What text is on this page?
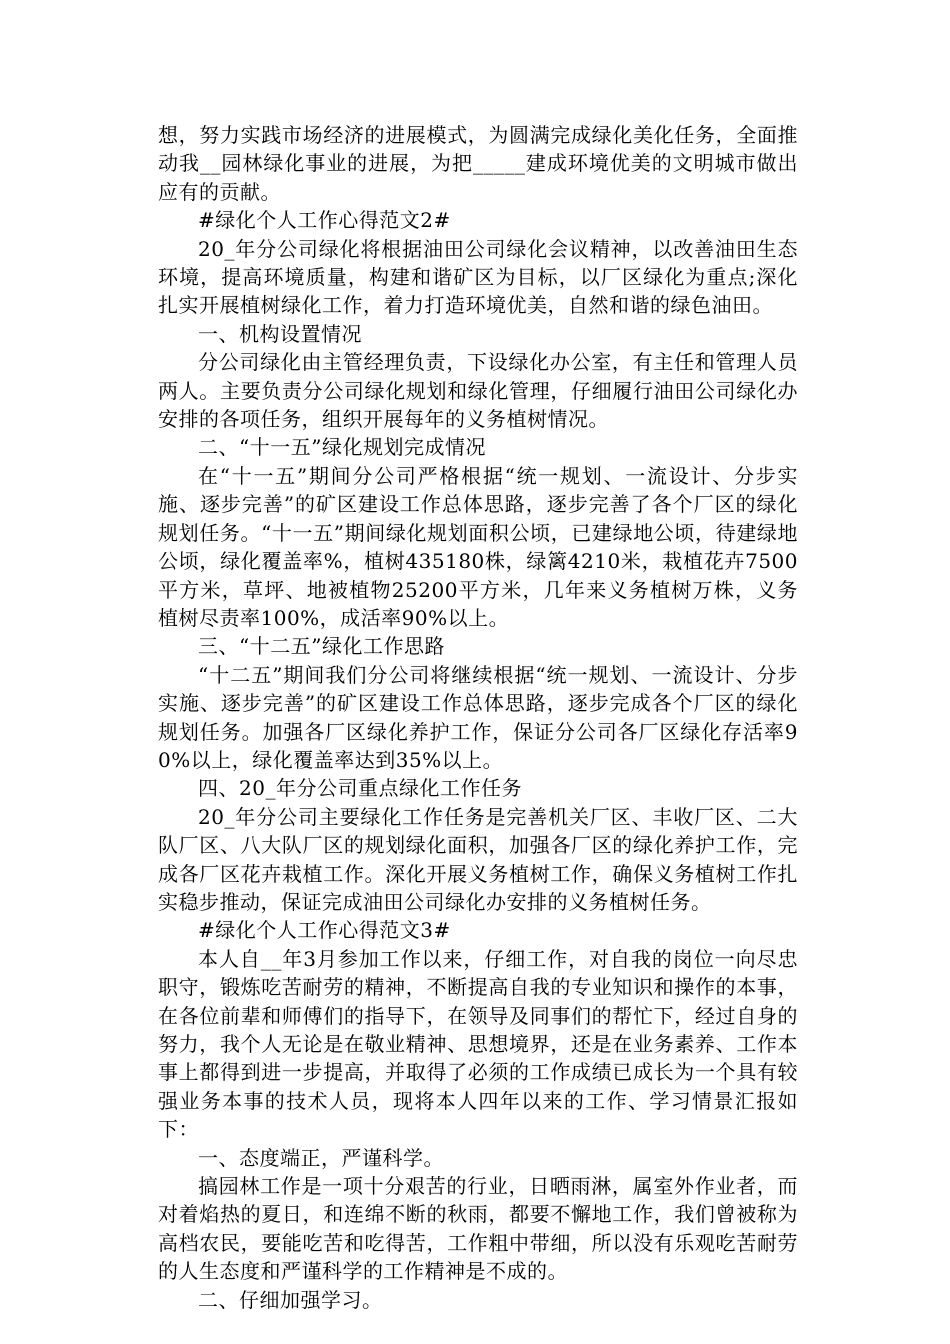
想，努力实践市场经济的进展模式，为圆满完成绿化美化任务，全面推动我__园林绿化事业的进展，为把_____建成环境优美的文明城市做出应有的贡献。

#绿化个人工作心得范文2#

20_年分公司绿化将根据油田公司绿化会议精神，以改善油田生态环境，提高环境质量，构建和谐矿区为目标，以厂区绿化为重点;深化扎实开展植树绿化工作，着力打造环境优美，自然和谐的绿色油田。

一、机构设置情况

分公司绿化由主管经理负责，下设绿化办公室，有主任和管理人员两人。主要负责分公司绿化规划和绿化管理，仔细履行油田公司绿化办安排的各项任务，组织开展每年的义务植树情况。

二、“十一五”绿化规划完成情况

在“十一五”期间分公司严格根据“统一规划、一流设计、分步实施、逐步完善”的矿区建设工作总体思路，逐步完善了各个厂区的绿化规划任务。“十一五”期间绿化规划面积公顷，已建绿地公顷，待建绿地公顷，绿化覆盖率%，植树435180株，绿篱4210米，栽植花卉7500平方米，草坪、地被植物25200平方米，几年来义务植树万株，义务植树尽责率100%，成活率90%以上。

三、“十二五”绿化工作思路

“十二五”期间我们分公司将继续根据“统一规划、一流设计、分步实施、逐步完善”的矿区建设工作总体思路，逐步完成各个厂区的绿化规划任务。加强各厂区绿化养护工作，保证分公司各厂区绿化存活率90%以上，绿化覆盖率达到35%以上。

四、20_年分公司重点绿化工作任务

20_年分公司主要绿化工作任务是完善机关厂区、丰收厂区、二大队厂区、八大队厂区的规划绿化面积，加强各厂区的绿化养护工作，完成各厂区花卉栽植工作。深化开展义务植树工作，确保义务植树工作扎实稳步推动，保证完成油田公司绿化办安排的义务植树任务。

#绿化个人工作心得范文3#

本人自__年3月参加工作以来，仔细工作，对自我的岗位一向尽忠职守，锻炼吃苦耐劳的精神，不断提高自我的专业知识和操作的本事，在各位前辈和师傅们的指导下，在领导及同事们的帮忙下，经过自身的努力，我个人无论是在敬业精神、思想境界，还是在业务素养、工作本事上都得到进一步提高，并取得了必须的工作成绩已成长为一个具有较强业务本事的技术人员，现将本人四年以来的工作、学习情景汇报如下：

一、态度端正，严谨科学。

搞园林工作是一项十分艰苦的行业，日晒雨淋，属室外作业者，而对着焰热的夏日，和连绵不断的秋雨，都要不懈地工作，我们曾被称为高档农民，要能吃苦和吃得苦，工作粗中带细，所以没有乐观吃苦耐劳的人生态度和严谨科学的工作精神是不成的。

二、仔细加强学习。
